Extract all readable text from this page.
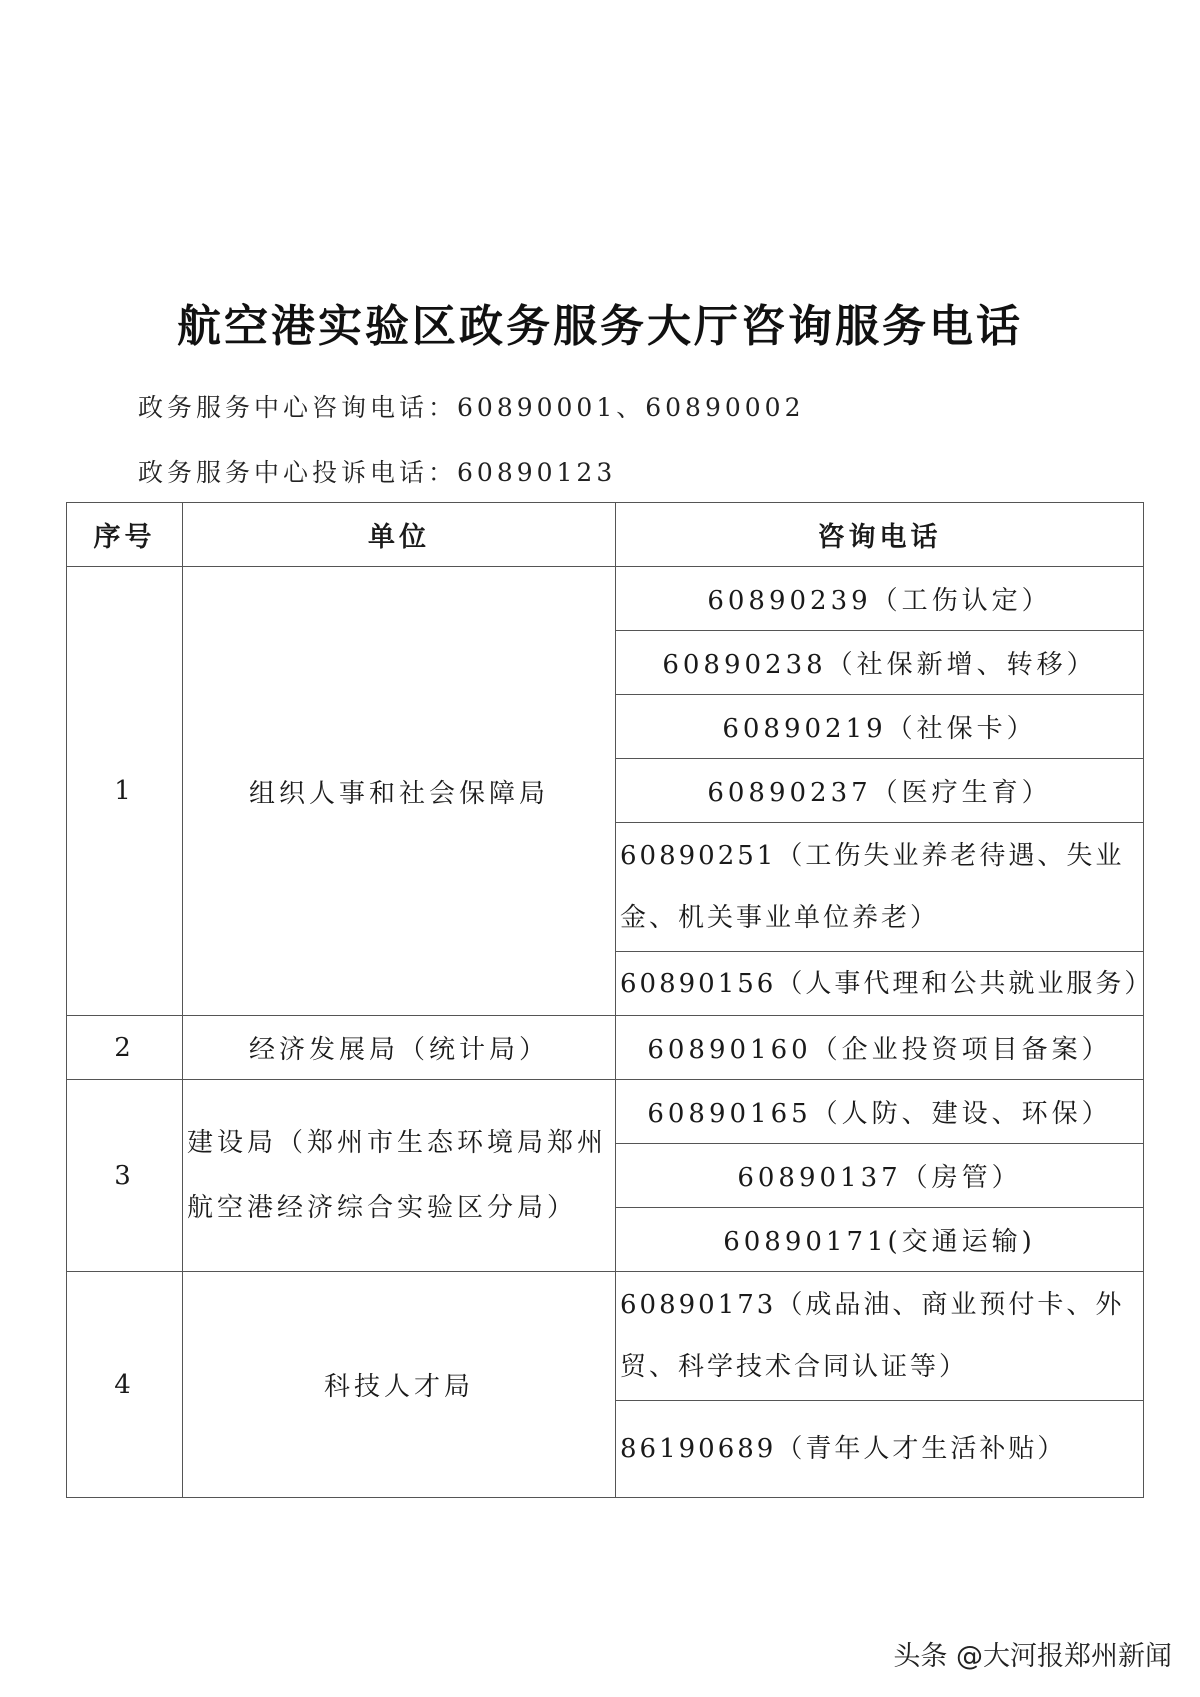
航空港实验区政务服务大厅咨询服务电话
政务服务中心咨询电话：60890001、60890002
政务服务中心投诉电话：60890123
序号	单位	咨询电话
1	组织人事和社会保障局	60890239（工伤认定）
		60890238（社保新增、转移）
		60890219（社保卡）
		60890237（医疗生育）
		60890251（工伤失业养老待遇、失业金、机关事业单位养老）
		60890156（人事代理和公共就业服务）
2	经济发展局（统计局）	60890160（企业投资项目备案）
3	建设局（郑州市生态环境局郑州航空港经济综合实验区分局）	60890165（人防、建设、环保）
		60890137（房管）
		60890171(交通运输)
4	科技人才局	60890173（成品油、商业预付卡、外贸、科学技术合同认证等）
		86190689（青年人才生活补贴）
头条 @大河报郑州新闻
